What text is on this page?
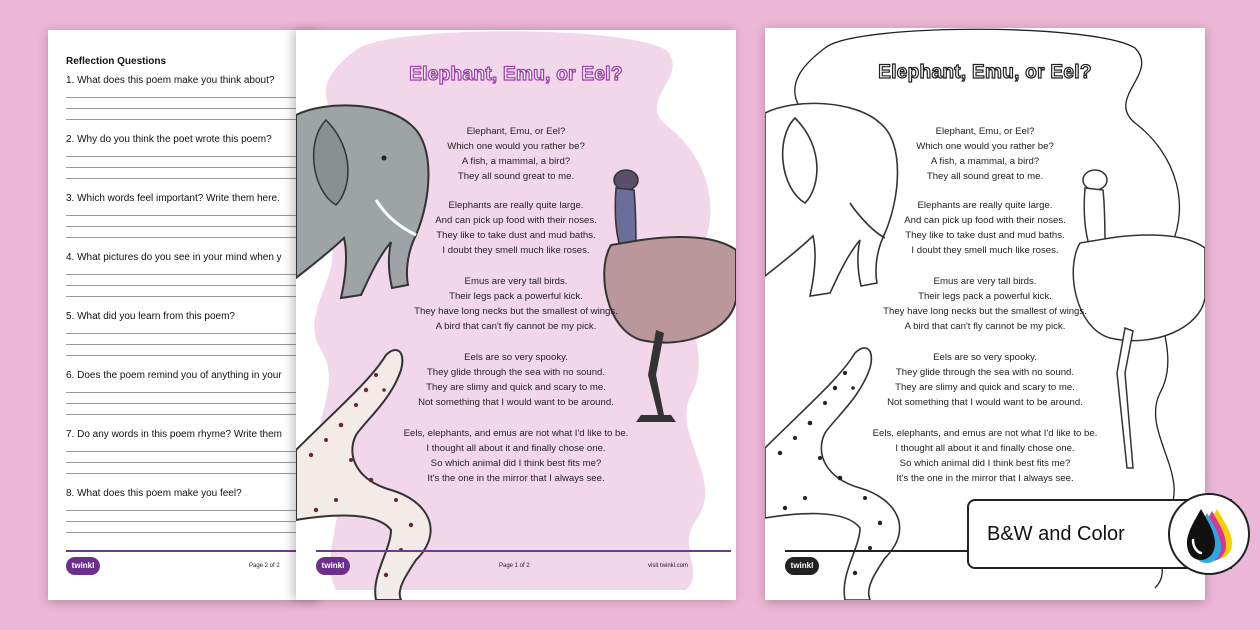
Reflection Questions
1. What does this poem make you think about?
2. Why do you think the poet wrote this poem?
3. Which words feel important? Write them here.
4. What pictures do you see in your mind when y
5. What did you learn from this poem?
6. Does the poem remind you of anything in your
7. Do any words in this poem rhyme? Write them
8. What does this poem make you feel?
twinkl	Page 2 of 2
Elephant, Emu, or Eel?
Elephant, Emu, or Eel?
Which one would you rather be?
A fish, a mammal, a bird?
They all sound great to me.
Elephants are really quite large.
And can pick up food with their noses.
They like to take dust and mud baths.
I doubt they smell much like roses.
Emus are very tall birds.
Their legs pack a powerful kick.
They have long necks but the smallest of wings.
A bird that can't fly cannot be my pick.
Eels are so very spooky.
They glide through the sea with no sound.
They are slimy and quick and scary to me.
Not something that I would want to be around.
Eels, elephants, and emus are not what I'd like to be.
I thought all about it and finally chose one.
So which animal did I think best fits me?
It's the one in the mirror that I always see.
twinkl	Page 1 of 2	visit twinkl.com
Elephant, Emu, or Eel?
Elephant, Emu, or Eel?
Which one would you rather be?
A fish, a mammal, a bird?
They all sound great to me.
Elephants are really quite large.
And can pick up food with their noses.
They like to take dust and mud baths.
I doubt they smell much like roses.
Emus are very tall birds.
Their legs pack a powerful kick.
They have long necks but the smallest of wings.
A bird that can't fly cannot be my pick.
Eels are so very spooky.
They glide through the sea with no sound.
They are slimy and quick and scary to me.
Not something that I would want to be around.
Eels, elephants, and emus are not what I'd like to be.
I thought all about it and finally chose one.
So which animal did I think best fits me?
It's the one in the mirror that I always see.
twinkl
B&W and Color
